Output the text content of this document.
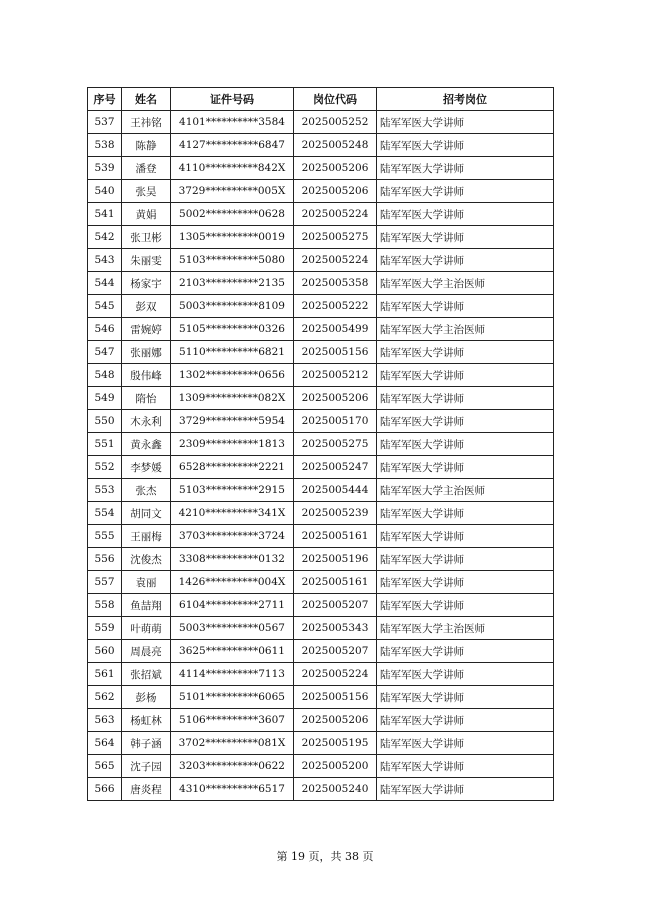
序号	姓名	证件号码	岗位代码	招考岗位
537	王祎铭	4101**********3584	2025005252	陆军军医大学讲师
538	陈静	4127**********6847	2025005248	陆军军医大学讲师
539	潘登	4110**********842X	2025005206	陆军军医大学讲师
540	张昊	3729**********005X	2025005206	陆军军医大学讲师
541	黄娟	5002**********0628	2025005224	陆军军医大学讲师
542	张卫彬	1305**********0019	2025005275	陆军军医大学讲师
543	朱丽雯	5103**********5080	2025005224	陆军军医大学讲师
544	杨家宇	2103**********2135	2025005358	陆军军医大学主治医师
545	彭双	5003**********8109	2025005222	陆军军医大学讲师
546	雷婉婷	5105**********0326	2025005499	陆军军医大学主治医师
547	张丽娜	5110**********6821	2025005156	陆军军医大学讲师
548	殷伟峰	1302**********0656	2025005212	陆军军医大学讲师
549	隋怡	1309**********082X	2025005206	陆军军医大学讲师
550	木永利	3729**********5954	2025005170	陆军军医大学讲师
551	黄永鑫	2309**********1813	2025005275	陆军军医大学讲师
552	李梦媛	6528**********2221	2025005247	陆军军医大学讲师
553	张杰	5103**********2915	2025005444	陆军军医大学主治医师
554	胡同文	4210**********341X	2025005239	陆军军医大学讲师
555	王丽梅	3703**********3724	2025005161	陆军军医大学讲师
556	沈俊杰	3308**********0132	2025005196	陆军军医大学讲师
557	袁丽	1426**********004X	2025005161	陆军军医大学讲师
558	鱼喆翔	6104**********2711	2025005207	陆军军医大学讲师
559	叶萌萌	5003**********0567	2025005343	陆军军医大学主治医师
560	周晨亮	3625**********0611	2025005207	陆军军医大学讲师
561	张招斌	4114**********7113	2025005224	陆军军医大学讲师
562	彭杨	5101**********6065	2025005156	陆军军医大学讲师
563	杨虹林	5106**********3607	2025005206	陆军军医大学讲师
564	韩子涵	3702**********081X	2025005195	陆军军医大学讲师
565	沈子园	3203**********0622	2025005200	陆军军医大学讲师
566	唐炎程	4310**********6517	2025005240	陆军军医大学讲师
第 19 页，共 38 页
